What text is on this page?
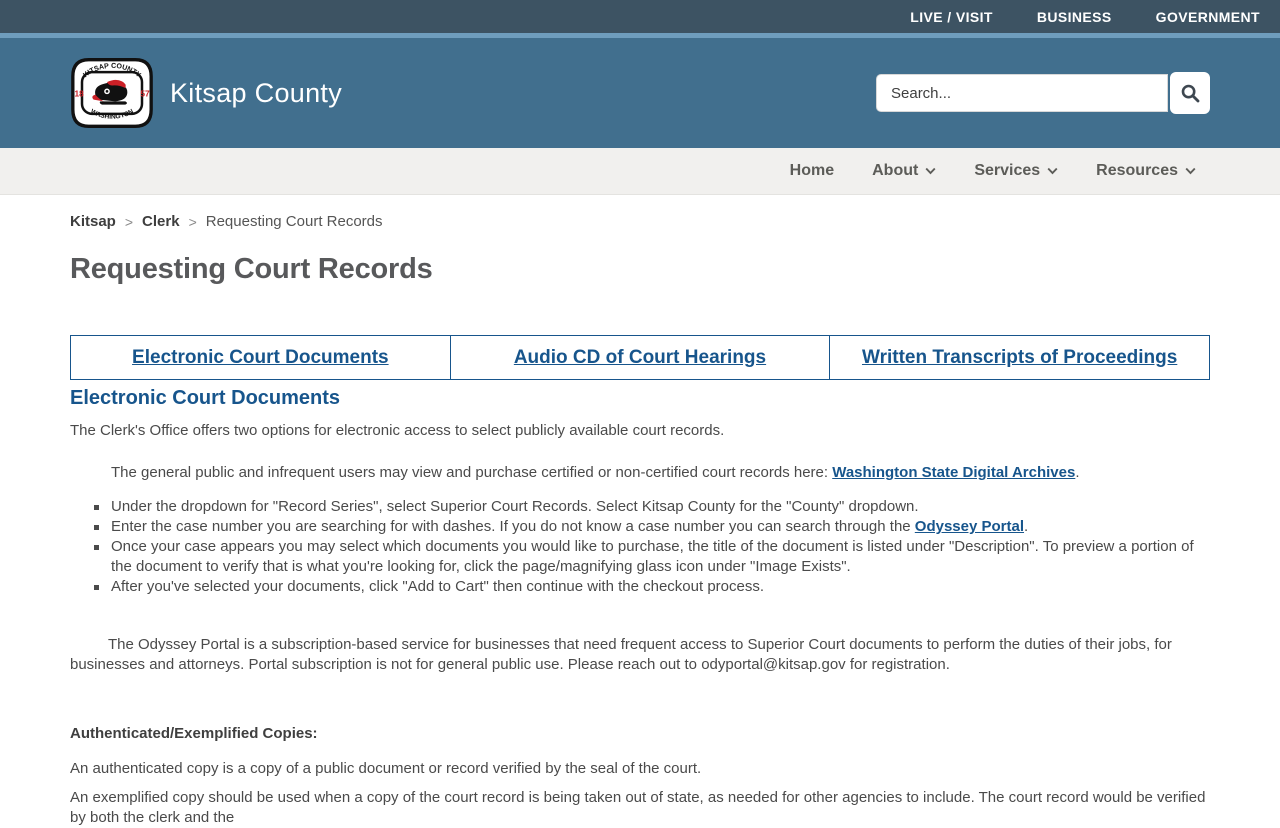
LIVE / VISIT	BUSINESS	GOVERNMENT
KITSAP COUNTY
WASHINGTON
18	57 Kitsap County
Search...
Home About	Services	Resources
Kitsap > Clerk > Requesting Court Records
Requesting Court Records
Electronic Court Documents	Audio CD of Court Hearings	Written Transcripts of Proceedings
Electronic Court Documents

The Clerk's Office offers two options for electronic access to select publicly available court records.

The general public and infrequent users may view and purchase certified or non-certified court records here: Washington State Digital Archives.

Under the dropdown for "Record Series", select Superior Court Records. Select Kitsap County for the "County" dropdown.
Enter the case number you are searching for with dashes. If you do not know a case number you can search through the Odyssey Portal.
Once your case appears you may select which documents you would like to purchase, the title of the document is listed under "Description". To preview a portion of the document to verify that is what you're looking for, click the page/magnifying glass icon under "Image Exists".
After you've selected your documents, click "Add to Cart" then continue with the checkout process.

The Odyssey Portal is a subscription-based service for businesses that need frequent access to Superior Court documents to perform the duties of their jobs, for businesses and attorneys. Portal subscription is not for general public use. Please reach out to odyportal@kitsap.gov for registration.

Authenticated/Exemplified Copies:

An authenticated copy is a copy of a public document or record verified by the seal of the court.

An exemplified copy should be used when a copy of the court record is being taken out of state, as needed for other agencies to include. The court record would be verified by both the clerk and the
